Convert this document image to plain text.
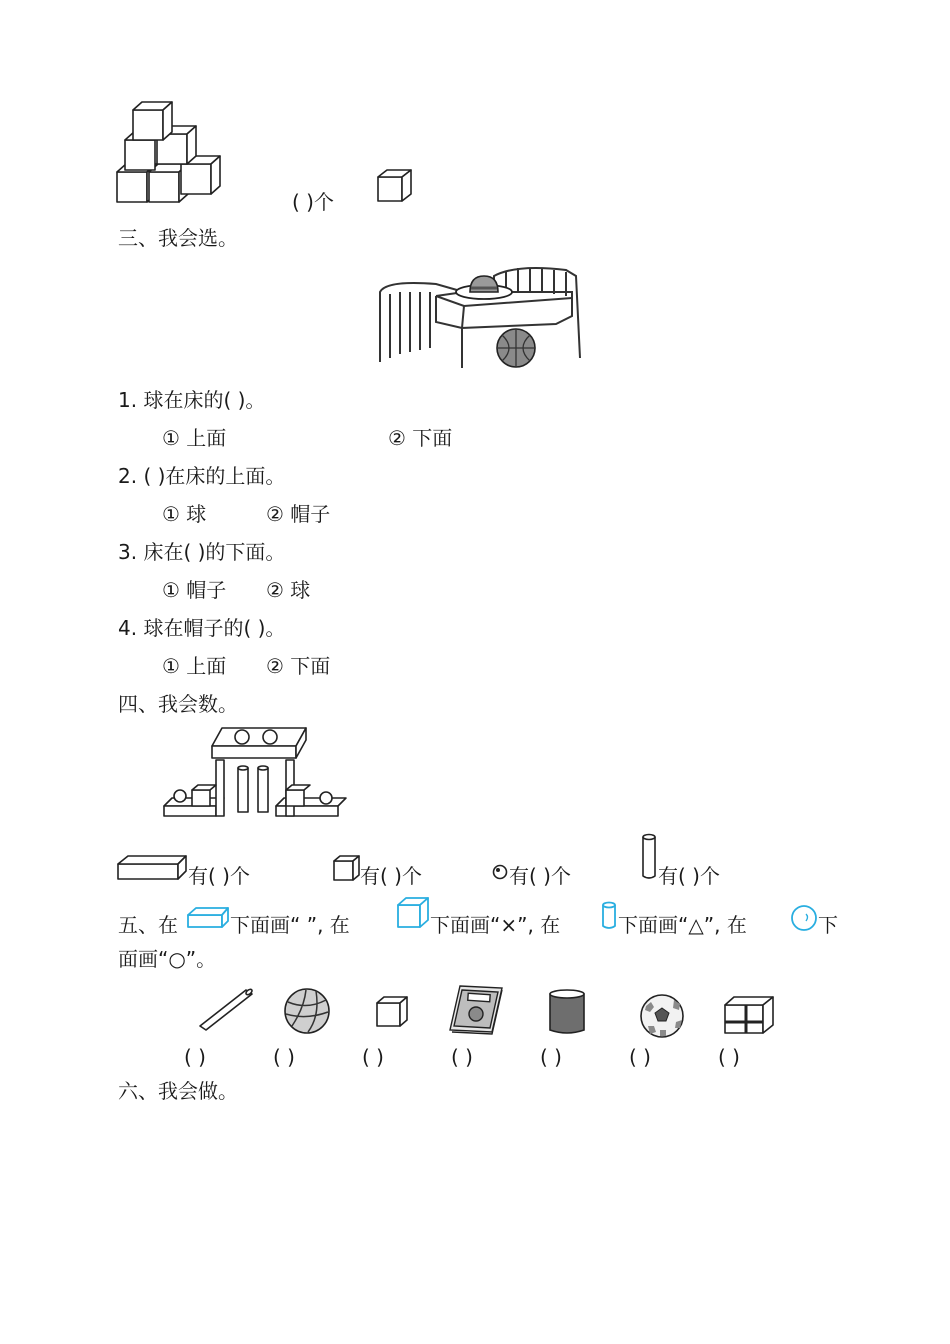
( )个
三、我会选。
1. 球在床的( )。
① 上面	② 下面
2. ( )在床的上面。
① 球	② 帽子
3. 床在( )的下面。
① 帽子 ② 球
4. 球在帽子的( )。
① 上面 ② 下面
四、我会数。
有( )个	有( )个	有( )个	有( )个
五、在	下面画“ ”, 在	下面画“×”, 在	下面画“△”, 在	下
面画“○”。
( )	( )	( )	( )	( )	( )	( )
六、我会做。
